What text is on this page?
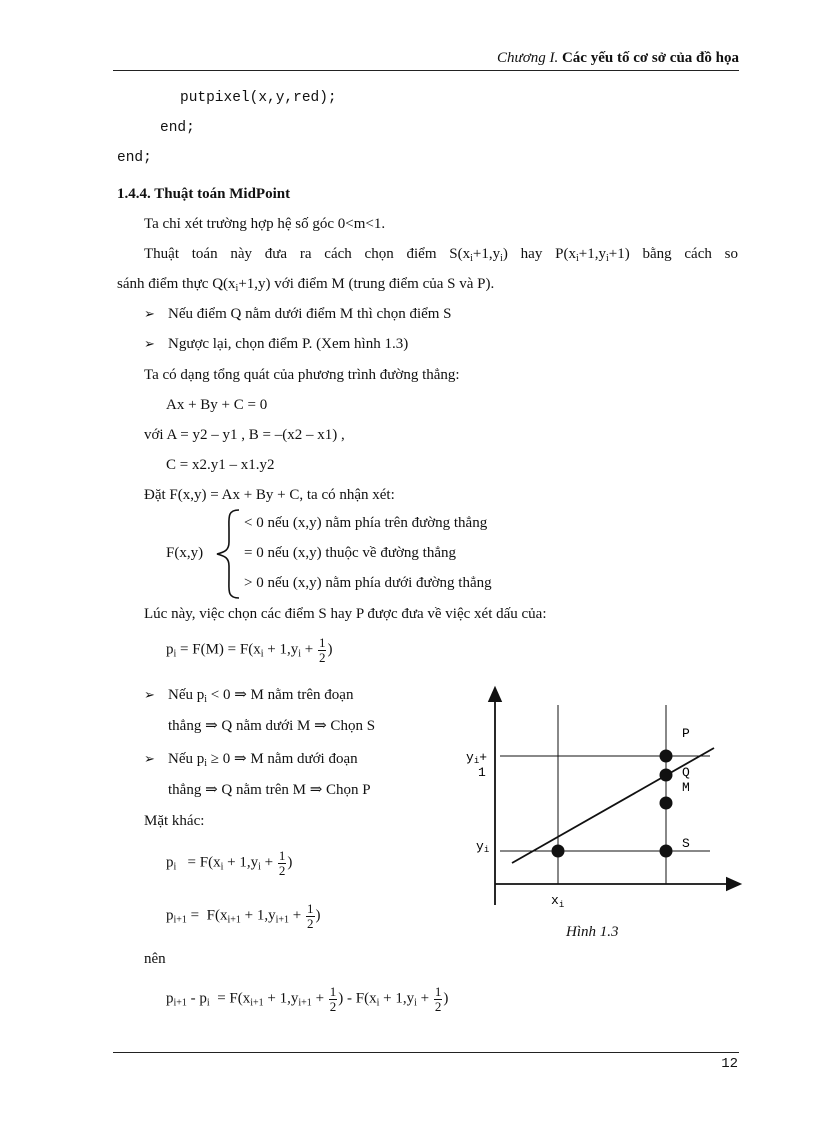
Chương I. Các yếu tố cơ sở của đồ họa
putpixel(x,y,red);
end;
end;
1.4.4. Thuật toán MidPoint
Ta chỉ xét trường hợp hệ số góc 0<m<1.
Thuật toán này đưa ra cách chọn điểm $S(x_i+1,y_i)$ hay $P(x_i+1,y_i+1)$ bằng cách so
sánh điểm thực $Q(x_i+1,y)$ với điểm M (trung điểm của S và P).
➢ Nếu điểm Q nằm dưới điểm M thì chọn điểm S
➢ Ngược lại, chọn điểm P. (Xem hình 1.3)
Ta có dạng tổng quát của phương trình đường thẳng:
Ax + By + C = 0
với A = y2 – y1 , B = –(x2 – x1) ,
C = x2.y1 – x1.y2
Đặt F(x,y) = Ax + By + C, ta có nhận xét:
F(x,y)
< 0 nếu (x,y) nằm phía trên đường thẳng
= 0 nếu (x,y) thuộc về đường thẳng
> 0 nếu (x,y) nằm phía dưới đường thẳng
Lúc này, việc chọn các điểm S hay P được đưa về việc xét dấu của:
$p_i = F(M) = F(x_i + 1,y_i + \frac{1}{2}$ )
➢ Nếu $p_i < 0$ ⇒ M nằm trên đoạn
thẳng ⇒ Q nằm dưới M ⇒ Chọn S
➢ Nếu $p_i \ge 0$ ⇒ M nằm dưới đoạn
thẳng ⇒ Q nằm trên M ⇒ Chọn P
Mặt khác:
$p_i = F(x_i + 1,y_i + \frac{1}{2}$ )
$p_{i+1} = F(x_{i+1} + 1,y_{i+1} + \frac{1}{2}$ )
nên
$p_{i+1} - p_i = F(x_{i+1} + 1,y_{i+1} + \frac{1}{2}$ ) - $F(x_i + 1,y_i + \frac{1}{2}$ )
P
Q
M
S
yi+
1
yi
$x_i$
Hình 1.3
12
